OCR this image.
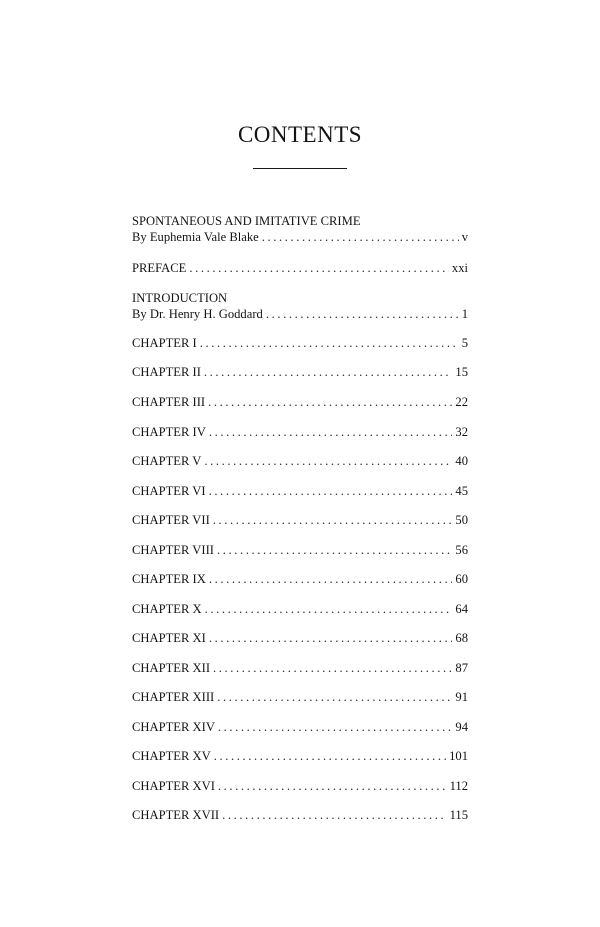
CONTENTS
SPONTANEOUS AND IMITATIVE CRIME
By Euphemia Vale Blake .....	v
PREFACE .....	xxi
INTRODUCTION
By Dr. Henry H. Goddard .....	1
CHAPTER I .....	5
CHAPTER II .....	15
CHAPTER III .....	22
CHAPTER IV .....	32
CHAPTER V .....	40
CHAPTER VI .....	45
CHAPTER VII .....	50
CHAPTER VIII .....	56
CHAPTER IX .....	60
CHAPTER X .....	64
CHAPTER XI .....	68
CHAPTER XII .....	87
CHAPTER XIII .....	91
CHAPTER XIV .....	94
CHAPTER XV .....	101
CHAPTER XVI .....	112
CHAPTER XVII .....	115
